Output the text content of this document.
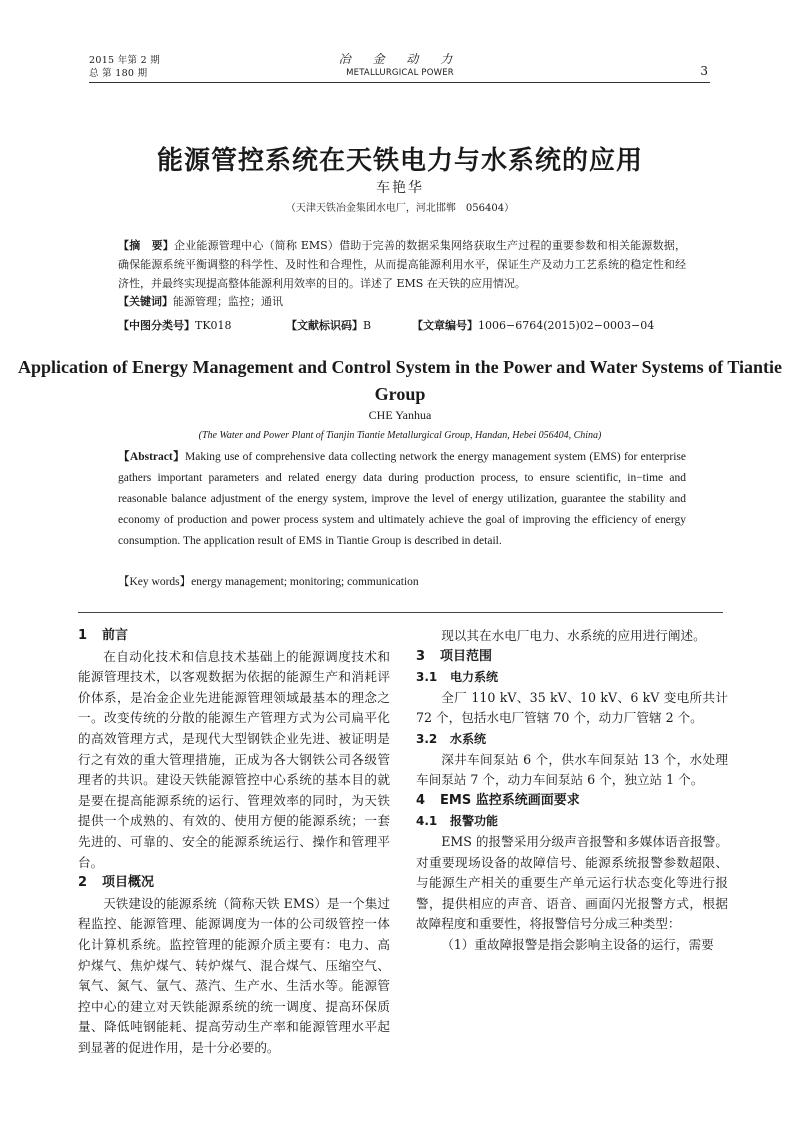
2015 年第 2 期
总 第 180 期
冶 金 动 力
METALLURGICAL POWER	3
能源管控系统在天铁电力与水系统的应用
车艳华
（天津天铁冶金集团水电厂，河北邯郸　056404）
【摘　要】企业能源管理中心（简称 EMS）借助于完善的数据采集网络获取生产过程的重要参数和相关能源数据，确保能源系统平衡调整的科学性、及时性和合理性，从而提高能源利用水平，保证生产及动力工艺系统的稳定性和经济性，并最终实现提高整体能源利用效率的目的。详述了 EMS 在天铁的应用情况。
【关键词】能源管理；监控；通讯
【中图分类号】TK018	【文献标识码】B	【文章编号】1006−6764(2015)02−0003−04
Application of Energy Management and Control System in the Power and Water Systems of Tiantie Group
CHE Yanhua
(The Water and Power Plant of Tianjin Tiantie Metallurgical Group, Handan, Hebei 056404, China)
【Abstract】Making use of comprehensive data collecting network the energy management system (EMS) for enterprise gathers important parameters and related energy data during production process, to ensure scientific, in−time and reasonable balance adjustment of the energy system, improve the level of energy utilization, guarantee the stability and economy of production and power process system and ultimately achieve the goal of improving the efficiency of energy consumption. The application result of EMS in Tiantie Group is described in detail.
【Key words】energy management; monitoring; communication
1 前言

在自动化技术和信息技术基础上的能源调度技术和能源管理技术，以客观数据为依据的能源生产和消耗评价体系，是冶金企业先进能源管理领域最基本的理念之一。改变传统的分散的能源生产管理方式为公司扁平化的高效管理方式，是现代大型钢铁企业先进、被证明是行之有效的重大管理措施，正成为各大钢铁公司各级管理者的共识。建设天铁能源管控中心系统的基本目的就是要在提高能源系统的运行、管理效率的同时，为天铁提供一个成熟的、有效的、使用方便的能源系统；一套先进的、可靠的、安全的能源系统运行、操作和管理平台。

2 项目概况

天铁建设的能源系统（简称天铁 EMS）是一个集过程监控、能源管理、能源调度为一体的公司级管控一体化计算机系统。监控管理的能源介质主要有：电力、高炉煤气、焦炉煤气、转炉煤气、混合煤气、压缩空气、氧气、氮气、氩气、蒸汽、生产水、生活水等。能源管控中心的建立对天铁能源系统的统一调度、提高环保质量、降低吨钢能耗、提高劳动生产率和能源管理水平起到显著的促进作用，是十分必要的。

现以其在水电厂电力、水系统的应用进行阐述。

3 项目范围
3.1 电力系统

全厂 110 kV、35 kV、10 kV、6 kV 变电所共计 72 个，包括水电厂管辖 70 个，动力厂管辖 2 个。

3.2 水系统

深井车间泵站 6 个，供水车间泵站 13 个，水处理车间泵站 7 个，动力车间泵站 6 个，独立站 1 个。

4 EMS 监控系统画面要求
4.1 报警功能

EMS 的报警采用分级声音报警和多媒体语音报警。对重要现场设备的故障信号、能源系统报警参数超限、与能源生产相关的重要生产单元运行状态变化等进行报警，提供相应的声音、语音、画面闪光报警方式，根据故障程度和重要性，将报警信号分成三种类型：

（1）重故障报警是指会影响主设备的运行，需要
